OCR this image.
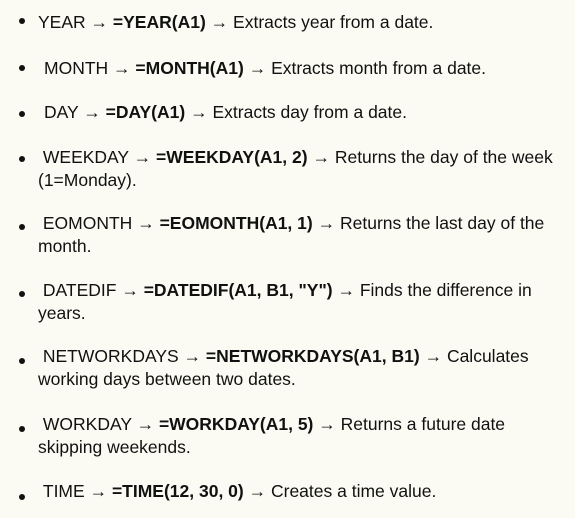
YEAR → =YEAR(A1) → Extracts year from a date.
MONTH → =MONTH(A1) → Extracts month from a date.
DAY → =DAY(A1) → Extracts day from a date.
WEEKDAY → =WEEKDAY(A1, 2) → Returns the day of the week (1=Monday).
EOMONTH → =EOMONTH(A1, 1) → Returns the last day of the month.
DATEDIF → =DATEDIF(A1, B1, "Y") → Finds the difference in years.
NETWORKDAYS → =NETWORKDAYS(A1, B1) → Calculates working days between two dates.
WORKDAY → =WORKDAY(A1, 5) → Returns a future date skipping weekends.
TIME → =TIME(12, 30, 0) → Creates a time value.
